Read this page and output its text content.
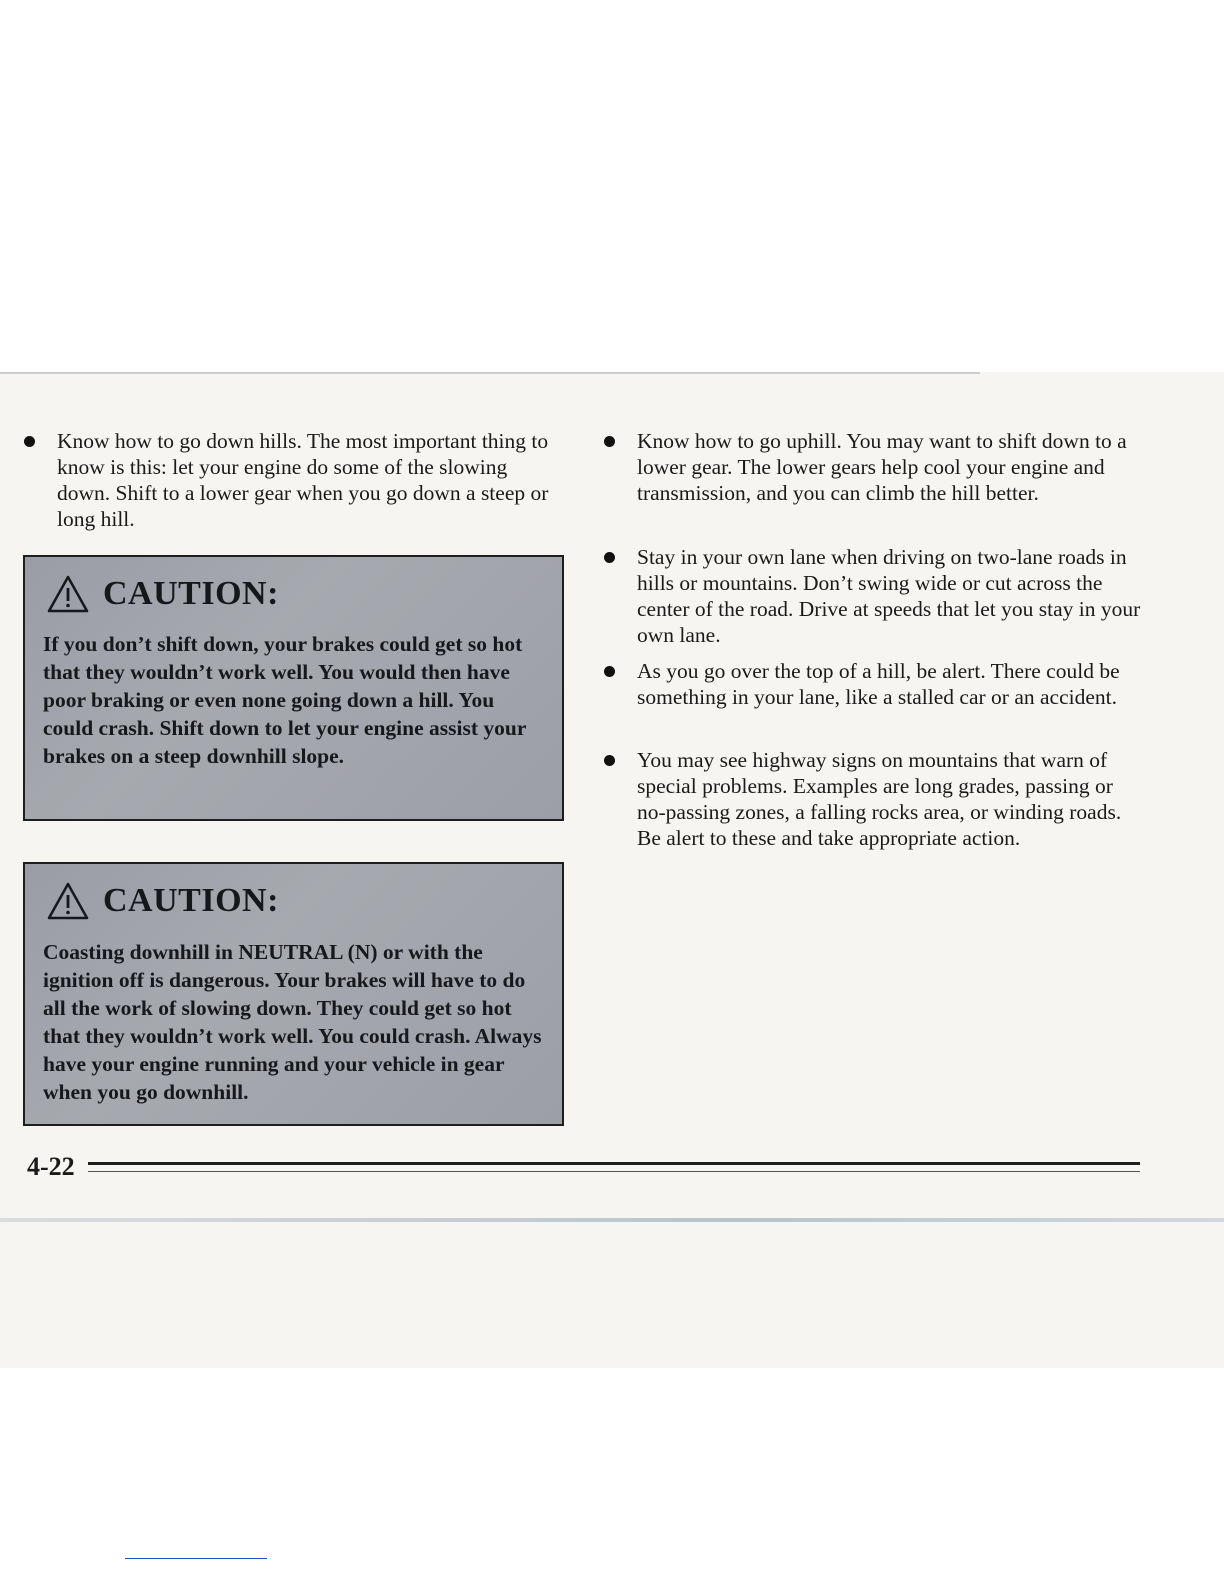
Know how to go down hills. The most important thing to know is this: let your engine do some of the slowing down. Shift to a lower gear when you go down a steep or long hill.

CAUTION:
If you don’t shift down, your brakes could get so hot that they wouldn’t work well. You would then have poor braking or even none going down a hill. You could crash. Shift down to let your engine assist your brakes on a steep downhill slope.
CAUTION:
Coasting downhill in NEUTRAL (N) or with the ignition off is dangerous. Your brakes will have to do all the work of slowing down. They could get so hot that they wouldn’t work well. You could crash. Always have your engine running and your vehicle in gear when you go downhill.

Know how to go uphill. You may want to shift down to a lower gear. The lower gears help cool your engine and transmission, and you can climb the hill better.

Stay in your own lane when driving on two-lane roads in hills or mountains. Don’t swing wide or cut across the center of the road. Drive at speeds that let you stay in your own lane.

As you go over the top of a hill, be alert. There could be something in your lane, like a stalled car or an accident.

You may see highway signs on mountains that warn of special problems. Examples are long grades, passing or no-passing zones, a falling rocks area, or winding roads. Be alert to these and take appropriate action.

4-22
